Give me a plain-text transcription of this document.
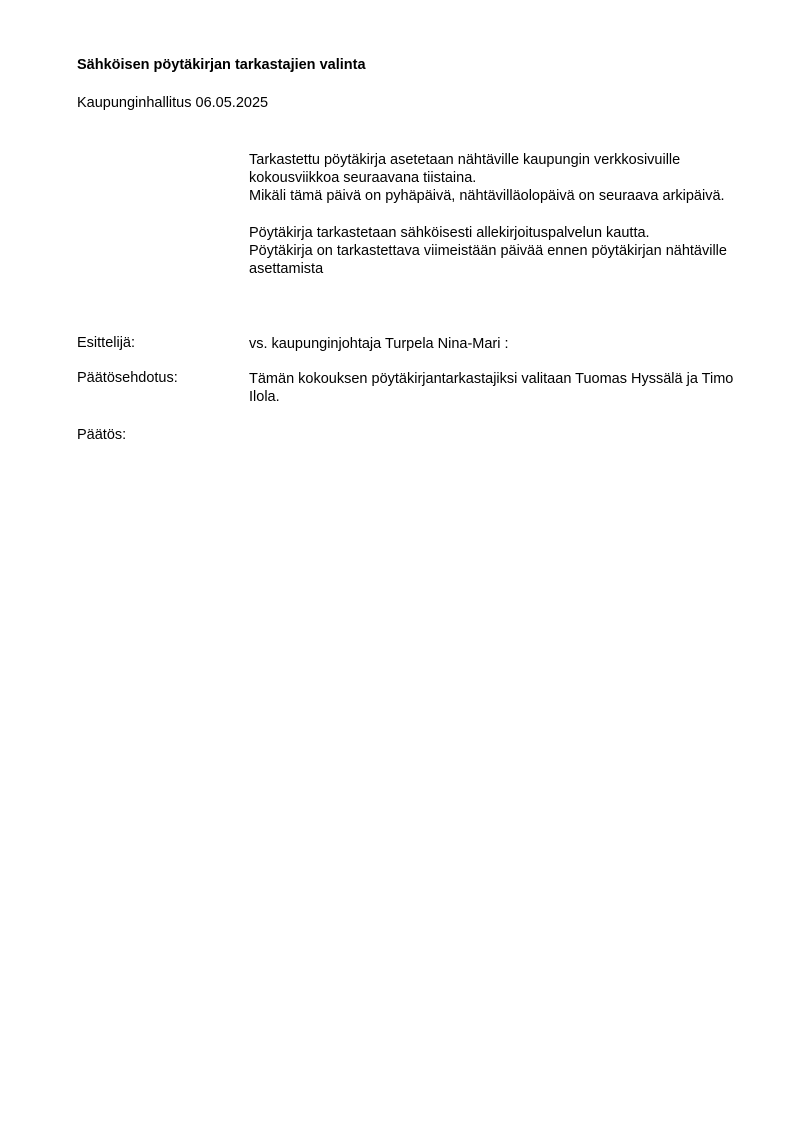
Sähköisen pöytäkirjan tarkastajien valinta
Kaupunginhallitus 06.05.2025

Tarkastettu pöytäkirja asetetaan nähtäville kaupungin verkkosivuille kokousviikkoa seuraavana tiistaina.

Mikäli tämä päivä on pyhäpäivä, nähtävilläolopäivä on seuraava arkipäivä.

Pöytäkirja tarkastetaan sähköisesti allekirjoituspalvelun kautta.

Pöytäkirja on tarkastettava viimeistään päivää ennen pöytäkirjan nähtäville asettamista

Esittelijä:	vs. kaupunginjohtaja Turpela Nina-Mari :
Päätösehdotus:	Tämän kokouksen pöytäkirjantarkastajiksi valitaan Tuomas Hyssälä ja Timo Ilola.
Päätös:
